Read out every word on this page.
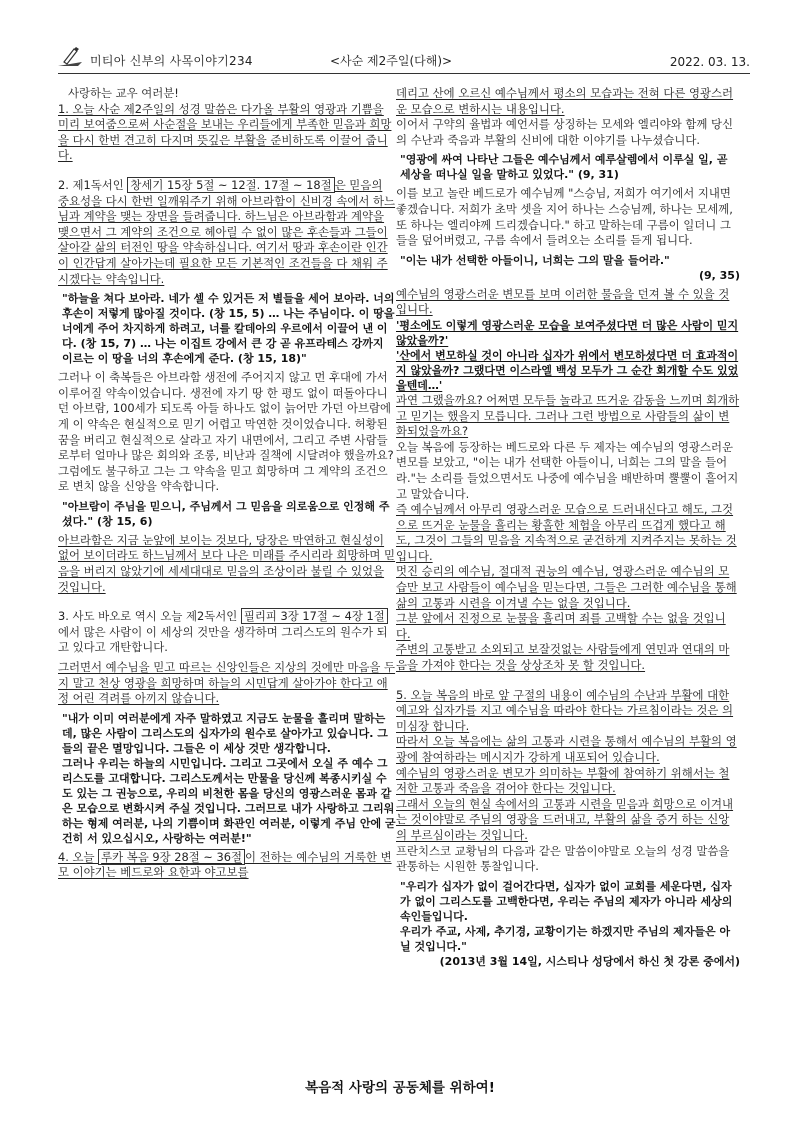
미티아 신부의 사목이야기234	<사순 제2주일(다해)>	2022. 03. 13.

사랑하는 교우 여러분!

1. 오늘 사순 제2주일의 성경 말씀은 다가올 부활의 영광과 기쁨을 미리 보여줌으로써 사순절을 보내는 우리들에게 부족한 믿음과 희망을 다시 한번 견고히 다지며 뜻깊은 부활을 준비하도록 이끌어 줍니다.

2. 제1독서인 창세기 15장 5절 ~ 12절. 17절 ~ 18절 은 믿음의 중요성을 다시 한번 일깨워주기 위해 아브라함이 신비경 속에서 하느님과 계약을 맺는 장면을 들려줍니다. 하느님은 아브라함과 계약을 맺으면서 그 계약의 조건으로 헤아릴 수 없이 많은 후손들과 그들이 살아갈 삶의 터전인 땅을 약속하십니다. 여기서 땅과 후손이란 인간이 인간답게 살아가는데 필요한 모든 기본적인 조건들을 다 채워 주시겠다는 약속입니다.

"하늘을 쳐다 보아라. 네가 셀 수 있거든 저 별들을 세어 보아라. 너의 후손이 저렇게 많아질 것이다. (창 15, 5) … 나는 주님이다. 이 땅을 너에게 주어 차지하게 하려고, 너를 칼데아의 우르에서 이끌어 낸 이다. (창 15, 7) … 나는 이집트 강에서 큰 강 곧 유프라테스 강까지 이르는 이 땅을 너의 후손에게 준다. (창 15, 18)"

그러나 이 축복들은 아브라함 생전에 주어지지 않고 먼 후대에 가서 이루어질 약속이었습니다. 생전에 자기 땅 한 평도 없이 떠돌아다니던 아브람, 100세가 되도록 아들 하나도 없이 늙어만 가던 아브람에게 이 약속은 현실적으로 믿기 어렵고 막연한 것이었습니다. 허황된 꿈을 버리고 현실적으로 살라고 자기 내면에서, 그리고 주변 사람들로부터 얼마나 많은 회의와 조롱, 비난과 질책에 시달려야 했을까요?

그럼에도 불구하고 그는 그 약속을 믿고 희망하며 그 계약의 조건으로 변치 않을 신앙을 약속합니다.

"아브람이 주님을 믿으니, 주님께서 그 믿음을 의로움으로 인정해 주셨다." (창 15, 6)

아브라함은 지금 눈앞에 보이는 것보다, 당장은 막연하고 현실성이 없어 보이더라도 하느님께서 보다 나은 미래를 주시리라 희망하며 믿음을 버리지 않았기에 세세대대로 믿음의 조상이라 불릴 수 있었을 것입니다.

3. 사도 바오로 역시 오늘 제2독서인 필리피 3장 17절 ~ 4장 1절 에서 많은 사람이 이 세상의 것만을 생각하며 그리스도의 원수가 되고 있다고 개탄합니다.

그러면서 예수님을 믿고 따르는 신앙인들은 지상의 것에만 마음을 두지 말고 천상 영광을 희망하며 하늘의 시민답게 살아가야 한다고 애정 어린 격려를 아끼지 않습니다.

"내가 이미 여러분에게 자주 말하였고 지금도 눈물을 흘리며 말하는데, 많은 사람이 그리스도의 십자가의 원수로 살아가고 있습니다. 그들의 끝은 멸망입니다. 그들은 이 세상 것만 생각합니다.

그러나 우리는 하늘의 시민입니다. 그리고 그곳에서 오실 주 예수 그리스도를 고대합니다. 그리스도께서는 만물을 당신께 복종시키실 수도 있는 그 권능으로, 우리의 비천한 몸을 당신의 영광스러운 몸과 같은 모습으로 변화시켜 주실 것입니다. 그러므로 내가 사랑하고 그리워하는 형제 여러분, 나의 기쁨이며 화관인 여러분, 이렇게 주님 안에 굳건히 서 있으십시오, 사랑하는 여러분!"

4. 오늘 루카 복음 9장 28절 ~ 36절 이 전하는 예수님의 거룩한 변모 이야기는 베드로와 요한과 야고보를

데리고 산에 오르신 예수님께서 평소의 모습과는 전혀 다른 영광스러운 모습으로 변하시는 내용입니다.

이어서 구약의 율법과 예언서를 상징하는 모세와 엘리야와 함께 당신의 수난과 죽음과 부활의 신비에 대한 이야기를 나누셨습니다.

"영광에 싸여 나타난 그들은 예수님께서 예루살렘에서 이루실 일, 곧 세상을 떠나실 일을 말하고 있었다." (9, 31)

이를 보고 놀란 베드로가 예수님께 "스승님, 저희가 여기에서 지내면 좋겠습니다. 저희가 초막 셋을 지어 하나는 스승님께, 하나는 모세께, 또 하나는 엘리야께 드리겠습니다." 하고 말하는데 구름이 일더니 그들을 덮어버렸고, 구름 속에서 들려오는 소리를 듣게 됩니다.

"이는 내가 선택한 아들이니, 너희는 그의 말을 들어라."

(9, 35)

예수님의 영광스러운 변모를 보며 이러한 물음을 던져 볼 수 있을 것입니다.

'평소에도 이렇게 영광스러운 모습을 보여주셨다면 더 많은 사람이 믿지 않았을까?'

'산에서 변모하실 것이 아니라 십자가 위에서 변모하셨다면 더 효과적이지 않았을까? 그랬다면 이스라엘 백성 모두가 그 순간 회개할 수도 있었을텐데…'

과연 그랬을까요? 어쩌면 모두들 놀라고 뜨거운 감동을 느끼며 회개하고 믿기는 했을지 모릅니다. 그러나 그런 방법으로 사람들의 삶이 변화되었을까요?

오늘 복음에 등장하는 베드로와 다른 두 제자는 예수님의 영광스러운 변모를 보았고, "이는 내가 선택한 아들이니, 너희는 그의 말을 들어라."는 소리를 들었으면서도 나중에 예수님을 배반하며 뿔뿔이 흩어지고 말았습니다.

즉 예수님께서 아무리 영광스러운 모습으로 드러내신다고 해도, 그것으로 뜨거운 눈물을 흘리는 황홀한 체험을 아무리 뜨겁게 했다고 해도, 그것이 그들의 믿음을 지속적으로 굳건하게 지켜주지는 못하는 것입니다.

멋진 승리의 예수님, 절대적 권능의 예수님, 영광스러운 예수님의 모습만 보고 사람들이 예수님을 믿는다면, 그들은 그러한 예수님을 통해 삶의 고통과 시련을 이겨낼 수는 없을 것입니다.

그분 앞에서 진정으로 눈물을 흘리며 죄를 고백할 수는 없을 것입니다.

주변의 고통받고 소외되고 보잘것없는 사람들에게 연민과 연대의 마음을 가져야 한다는 것을 상상조차 못 할 것입니다.

5. 오늘 복음의 바로 앞 구절의 내용이 예수님의 수난과 부활에 대한 예고와 십자가를 지고 예수님을 따라야 한다는 가르침이라는 것은 의미심장 합니다.

따라서 오늘 복음에는 삶의 고통과 시련을 통해서 예수님의 부활의 영광에 참여하라는 메시지가 강하게 내포되어 있습니다.

예수님의 영광스러운 변모가 의미하는 부활에 참여하기 위해서는 철저한 고통과 죽음을 겪어야 한다는 것입니다.

그래서 오늘의 현실 속에서의 고통과 시련을 믿음과 희망으로 이겨내는 것이야말로 주님의 영광을 드러내고, 부활의 삶을 증거 하는 신앙의 부르심이라는 것입니다.

프란치스코 교황님의 다음과 같은 말씀이야말로 오늘의 성경 말씀을 관통하는 시원한 통찰입니다.

"우리가 십자가 없이 걸어간다면, 십자가 없이 교회를 세운다면, 십자가 없이 그리스도를 고백한다면, 우리는 주님의 제자가 아니라 세상의 속인들입니다.

우리가 주교, 사제, 추기경, 교황이기는 하겠지만 주님의 제자들은 아닐 것입니다."

(2013년 3월 14일, 시스티나 성당에서 하신 첫 강론 중에서)

복음적 사랑의 공동체를 위하여!
